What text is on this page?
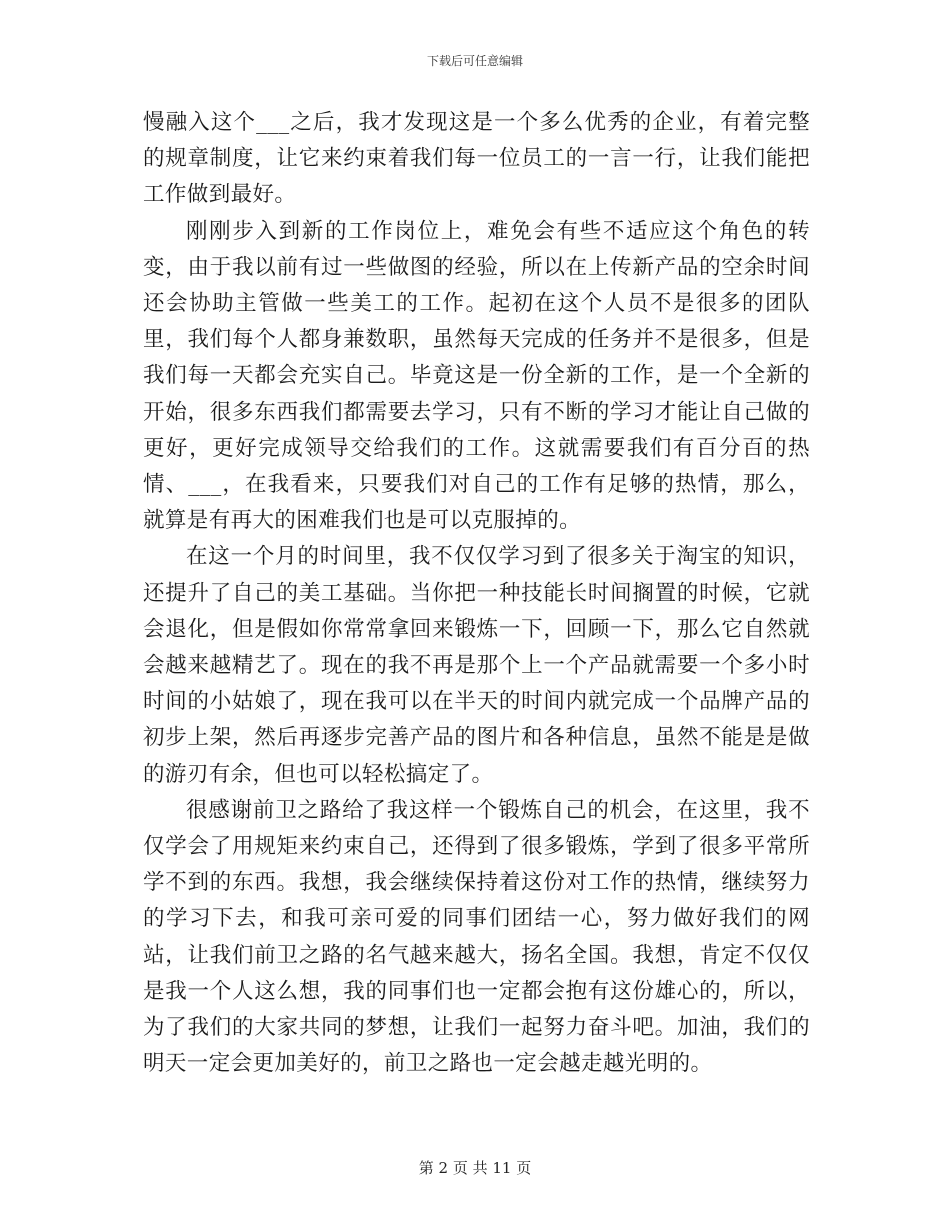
下载后可任意编辑

慢融入这个___之后，我才发现这是一个多么优秀的企业，有着完整的规章制度，让它来约束着我们每一位员工的一言一行，让我们能把工作做到最好。

刚刚步入到新的工作岗位上，难免会有些不适应这个角色的转变，由于我以前有过一些做图的经验，所以在上传新产品的空余时间还会协助主管做一些美工的工作。起初在这个人员不是很多的团队里，我们每个人都身兼数职，虽然每天完成的任务并不是很多，但是我们每一天都会充实自己。毕竟这是一份全新的工作，是一个全新的开始，很多东西我们都需要去学习，只有不断的学习才能让自己做的更好，更好完成领导交给我们的工作。这就需要我们有百分百的热情、___，在我看来，只要我们对自己的工作有足够的热情，那么，就算是有再大的困难我们也是可以克服掉的。

在这一个月的时间里，我不仅仅学习到了很多关于淘宝的知识，还提升了自己的美工基础。当你把一种技能长时间搁置的时候，它就会退化，但是假如你常常拿回来锻炼一下，回顾一下，那么它自然就会越来越精艺了。现在的我不再是那个上一个产品就需要一个多小时时间的小姑娘了，现在我可以在半天的时间内就完成一个品牌产品的初步上架，然后再逐步完善产品的图片和各种信息，虽然不能是是做的游刃有余，但也可以轻松搞定了。

很感谢前卫之路给了我这样一个锻炼自己的机会，在这里，我不仅学会了用规矩来约束自己，还得到了很多锻炼，学到了很多平常所学不到的东西。我想，我会继续保持着这份对工作的热情，继续努力的学习下去，和我可亲可爱的同事们团结一心，努力做好我们的网站，让我们前卫之路的名气越来越大，扬名全国。我想，肯定不仅仅是我一个人这么想，我的同事们也一定都会抱有这份雄心的，所以，为了我们的大家共同的梦想，让我们一起努力奋斗吧。加油，我们的明天一定会更加美好的，前卫之路也一定会越走越光明的。

第 2 页 共 11 页
